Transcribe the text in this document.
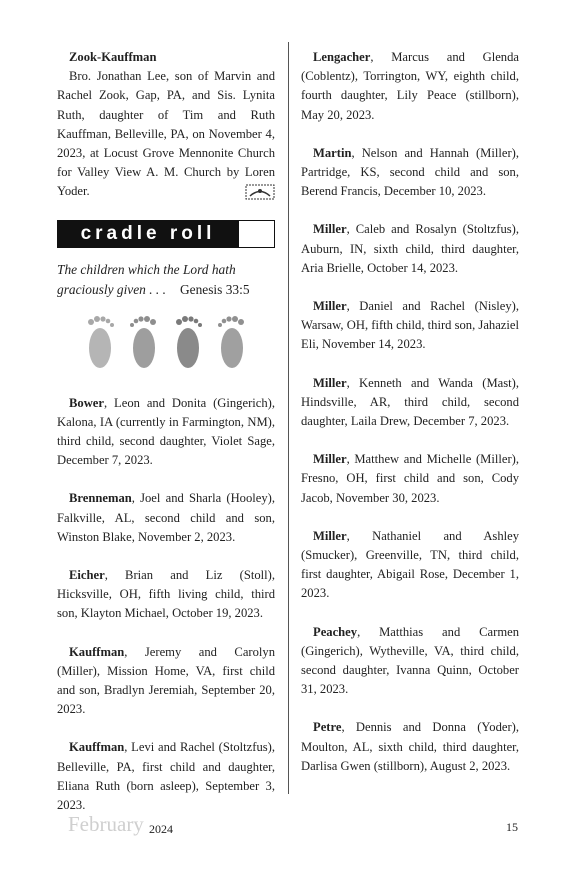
Zook-Kauffman

Bro. Jonathan Lee, son of Marvin and Rachel Zook, Gap, PA, and Sis. Lynita Ruth, daughter of Tim and Ruth Kauffman, Belleville, PA, on November 4, 2023, at Locust Grove Mennonite Church for Valley View A. M. Church by Loren Yoder.

cradle roll

The children which the Lord hath graciously given . . . Genesis 33:5

Bower, Leon and Donita (Gingerich), Kalona, IA (currently in Farmington, NM), third child, second daughter, Violet Sage, December 7, 2023.

Brenneman, Joel and Sharla (Hooley), Falkville, AL, second child and son, Winston Blake, November 2, 2023.

Eicher, Brian and Liz (Stoll), Hicksville, OH, fifth living child, third son, Klayton Michael, October 19, 2023.

Kauffman, Jeremy and Carolyn (Miller), Mission Home, VA, first child and son, Bradlyn Jeremiah, September 20, 2023.

Kauffman, Levi and Rachel (Stoltzfus), Belleville, PA, first child and daughter, Eliana Ruth (born asleep), September 3, 2023.

Lengacher, Marcus and Glenda (Coblentz), Torrington, WY, eighth child, fourth daughter, Lily Peace (stillborn), May 20, 2023.

Martin, Nelson and Hannah (Miller), Partridge, KS, second child and son, Berend Francis, December 10, 2023.

Miller, Caleb and Rosalyn (Stoltzfus), Auburn, IN, sixth child, third daughter, Aria Brielle, October 14, 2023.

Miller, Daniel and Rachel (Nisley), Warsaw, OH, fifth child, third son, Jahaziel Eli, November 14, 2023.

Miller, Kenneth and Wanda (Mast), Hindsville, AR, third child, second daughter, Laila Drew, December 7, 2023.

Miller, Matthew and Michelle (Miller), Fresno, OH, first child and son, Cody Jacob, November 30, 2023.

Miller, Nathaniel and Ashley (Smucker), Greenville, TN, third child, first daughter, Abigail Rose, December 1, 2023.

Peachey, Matthias and Carmen (Gingerich), Wytheville, VA, third child, second daughter, Ivanna Quinn, October 31, 2023.

Petre, Dennis and Donna (Yoder), Moulton, AL, sixth child, third daughter, Darlisa Gwen (stillborn), August 2, 2023.

February 2024	15
